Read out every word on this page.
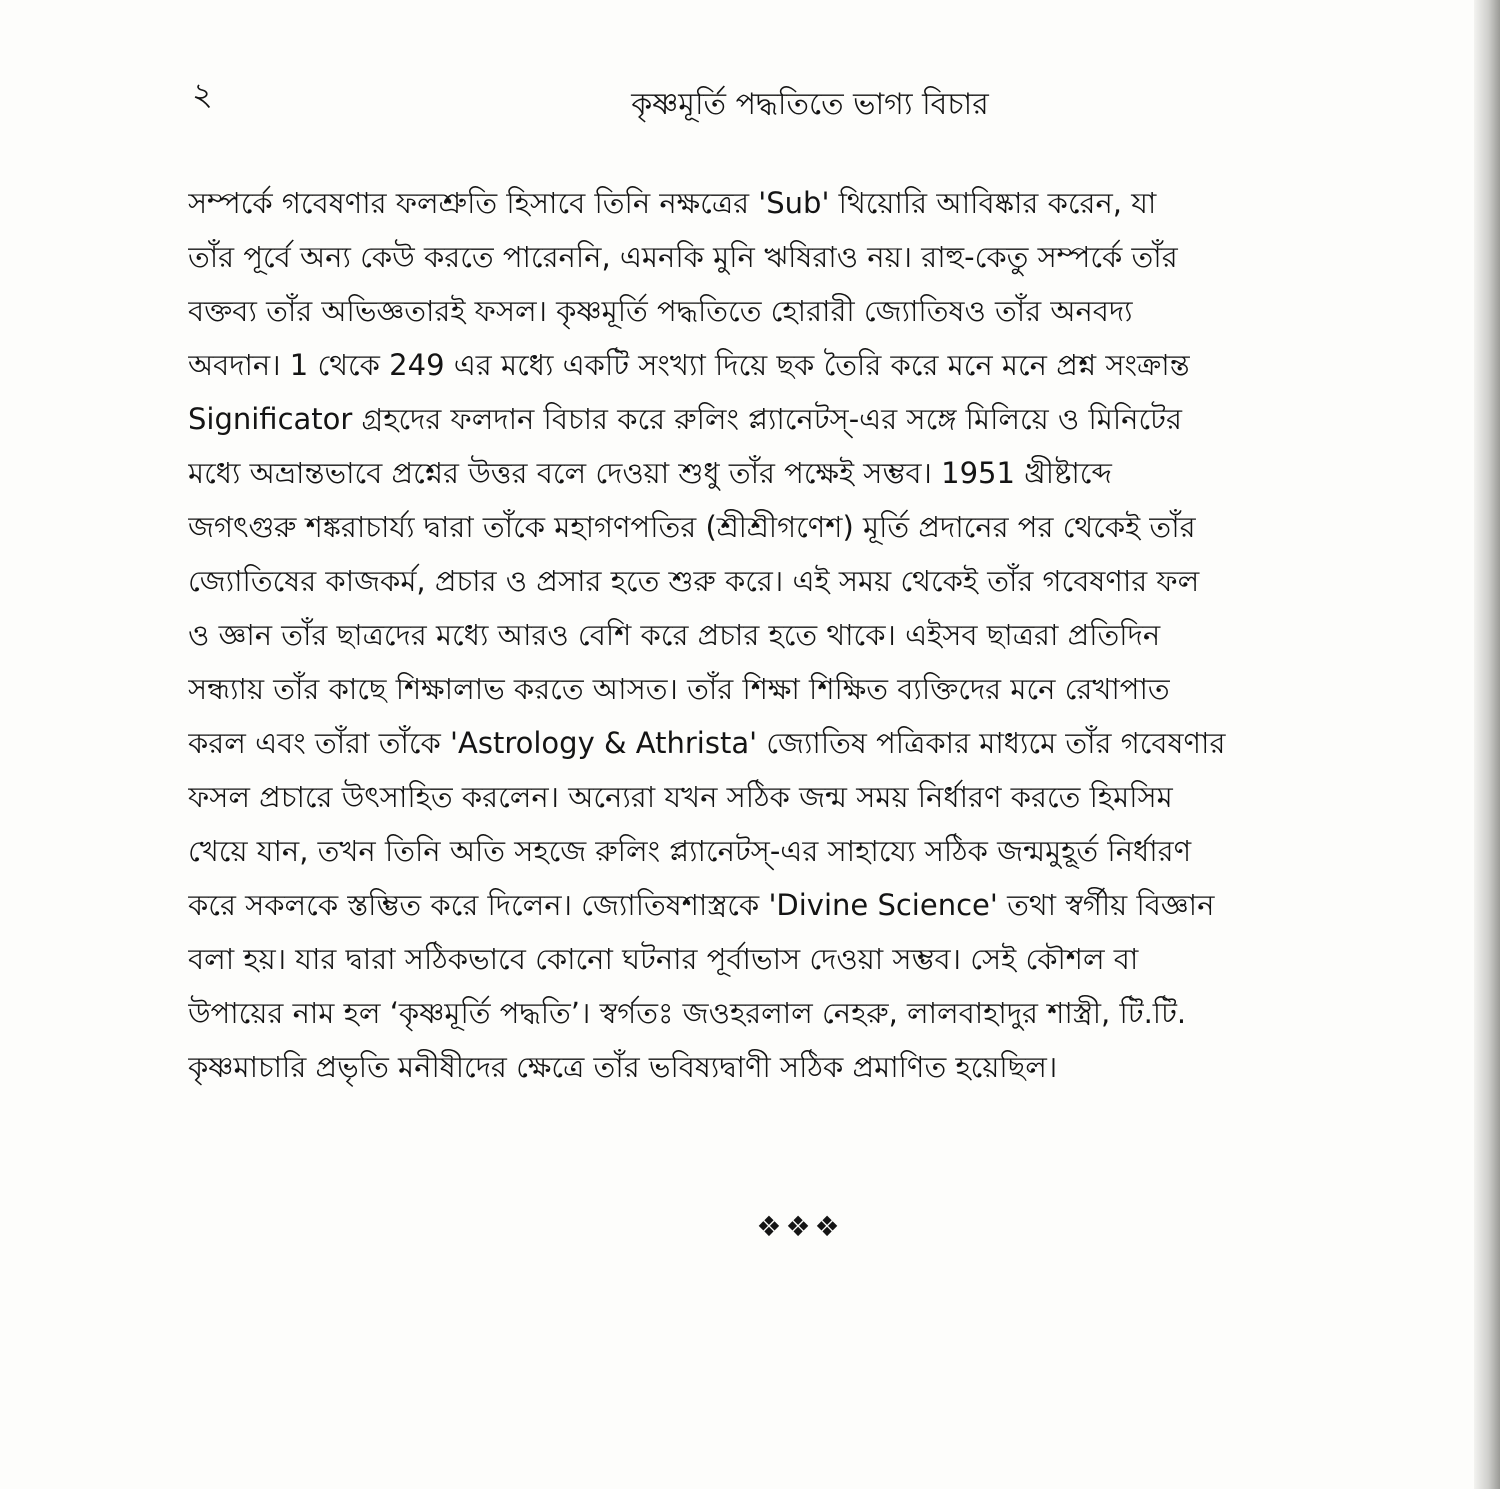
২	কৃষ্ণমূর্তি পদ্ধতিতে ভাগ্য বিচার
সম্পর্কে গবেষণার ফলশ্রুতি হিসাবে তিনি নক্ষত্রের 'Sub' থিয়োরি আবিষ্কার করেন, যা
তাঁর পূর্বে অন্য কেউ করতে পারেননি, এমনকি মুনি ঋষিরাও নয়। রাহু-কেতু সম্পর্কে তাঁর
বক্তব্য তাঁর অভিজ্ঞতারই ফসল। কৃষ্ণমূর্তি পদ্ধতিতে হোরারী জ্যোতিষও তাঁর অনবদ্য
অবদান। 1 থেকে 249 এর মধ্যে একটি সংখ্যা দিয়ে ছক তৈরি করে মনে মনে প্রশ্ন সংক্রান্ত
Significator গ্রহদের ফলদান বিচার করে রুলিং প্ল্যানেটস্-এর সঙ্গে মিলিয়ে ও মিনিটের
মধ্যে অভ্রান্তভাবে প্রশ্নের উত্তর বলে দেওয়া শুধু তাঁর পক্ষেই সম্ভব। 1951 খ্রীষ্টাব্দে
জগৎগুরু শঙ্করাচার্য্য দ্বারা তাঁকে মহাগণপতির (শ্রীশ্রীগণেশ) মূর্তি প্রদানের পর থেকেই তাঁর
জ্যোতিষের কাজকর্ম, প্রচার ও প্রসার হতে শুরু করে। এই সময় থেকেই তাঁর গবেষণার ফল
ও জ্ঞান তাঁর ছাত্রদের মধ্যে আরও বেশি করে প্রচার হতে থাকে। এইসব ছাত্ররা প্রতিদিন
সন্ধ্যায় তাঁর কাছে শিক্ষালাভ করতে আসত। তাঁর শিক্ষা শিক্ষিত ব্যক্তিদের মনে রেখাপাত
করল এবং তাঁরা তাঁকে 'Astrology & Athrista' জ্যোতিষ পত্রিকার মাধ্যমে তাঁর গবেষণার
ফসল প্রচারে উৎসাহিত করলেন। অন্যেরা যখন সঠিক জন্ম সময় নির্ধারণ করতে হিমসিম
খেয়ে যান, তখন তিনি অতি সহজে রুলিং প্ল্যানেটস্-এর সাহায্যে সঠিক জন্মমুহূর্ত নির্ধারণ
করে সকলকে স্তম্ভিত করে দিলেন। জ্যোতিষশাস্ত্রকে 'Divine Science' তথা স্বর্গীয় বিজ্ঞান
বলা হয়। যার দ্বারা সঠিকভাবে কোনো ঘটনার পূর্বাভাস দেওয়া সম্ভব। সেই কৌশল বা
উপায়ের নাম হল ‘কৃষ্ণমূর্তি পদ্ধতি’। স্বর্গতঃ জওহরলাল নেহরু, লালবাহাদুর শাস্ত্রী, টি.টি.
কৃষ্ণমাচারি প্রভৃতি মনীষীদের ক্ষেত্রে তাঁর ভবিষ্যদ্বাণী সঠিক প্রমাণিত হয়েছিল।
❖❖❖
